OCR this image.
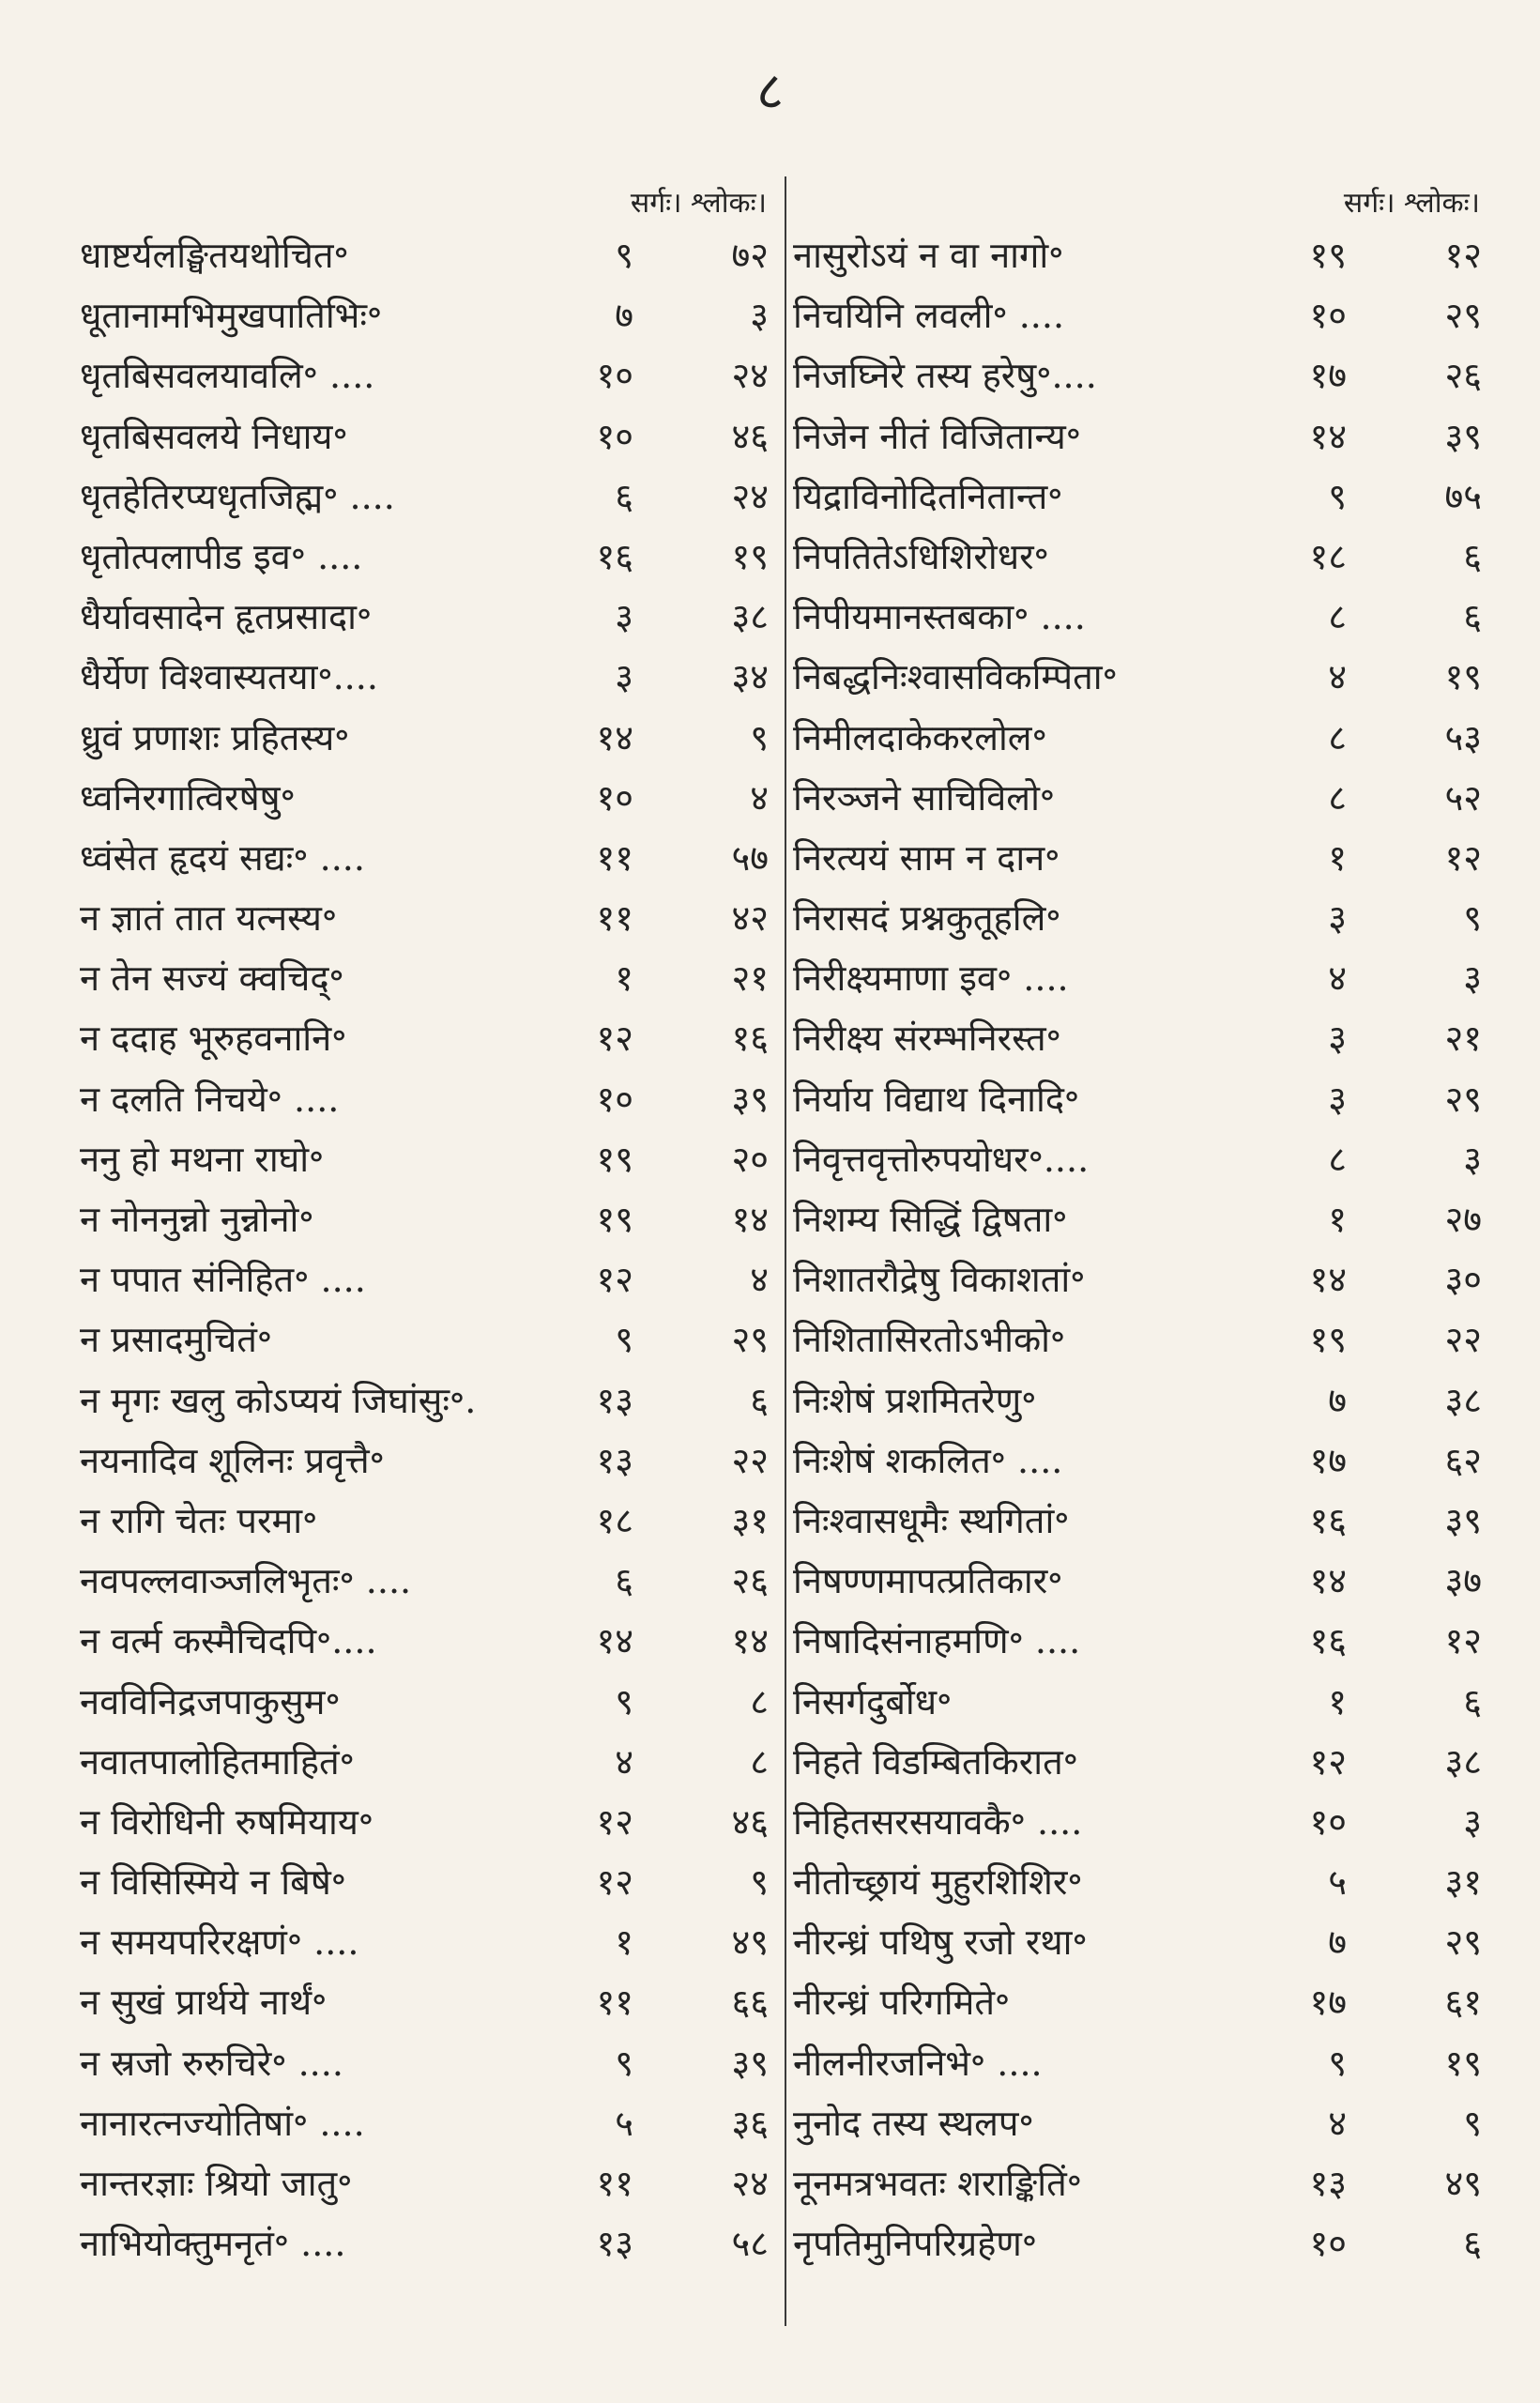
८
सर्गः। श्लोकः।
धाष्टर्यलङ्घितयथोचित॰	९	७२
धूतानामभिमुखपातिभिः॰	७	३
धृतबिसवलयावलि॰ ....	१०	२४
धृतबिसवलये निधाय॰	१०	४६
धृतहेतिरप्यधृतजिह्म॰ ....	६	२४
धृतोत्पलापीड इव॰ ....	१६	१९
धैर्यावसादेन हृतप्रसादा॰	३	३८
धैर्येण विश्वास्यतया॰....	३	३४
ध्रुवं प्रणाशः प्रहितस्य॰	१४	९
ध्वनिरगात्विरषेषु॰	१०	४
ध्वंसेत हृदयं सद्यः॰ ....	११	५७
न ज्ञातं तात यत्नस्य॰	११	४२
न तेन सज्यं क्वचिद्॰	१	२१
न ददाह भूरुहवनानि॰	१२	१६
न दलति निचये॰ ....	१०	३९
ननु हो मथना राघो॰	१९	२०
न नोननुन्नो नुन्नोनो॰	१९	१४
न पपात संनिहित॰ ....	१२	४
न प्रसादमुचितं॰	९	२९
न मृगः खलु कोऽप्ययं जिघांसुः॰.	१३	६
नयनादिव शूलिनः प्रवृत्तै॰	१३	२२
न रागि चेतः परमा॰	१८	३१
नवपल्लवाञ्जलिभृतः॰ ....	६	२६
न वर्त्म कस्मैचिदपि॰....	१४	१४
नवविनिद्रजपाकुसुम॰	९	८
नवातपालोहितमाहितं॰	४	८
न विरोधिनी रुषमियाय॰	१२	४६
न विसिस्मिये न बिषे॰	१२	९
न समयपरिरक्षणं॰ ....	१	४९
न सुखं प्रार्थये नार्थं॰	११	६६
न स्रजो रुरुचिरे॰ ....	९	३९
नानारत्नज्योतिषां॰ ....	५	३६
नान्तरज्ञाः श्रियो जातु॰	११	२४
नाभियोक्तुमनृतं॰ ....	१३	५८
सर्गः। श्लोकः।
नासुरोऽयं न वा नागो॰	१९	१२
निचयिनि लवली॰ ....	१०	२९
निजघ्निरे तस्य हरेषु॰....	१७	२६
निजेन नीतं विजितान्य॰	१४	३९
यिद्राविनोदितनितान्त॰	९	७५
निपतितेऽधिशिरोधर॰	१८	६
निपीयमानस्तबका॰ ....	८	६
निबद्धनिःश्वासविकम्पिता॰	४	१९
निमीलदाकेकरलोल॰	८	५३
निरञ्जने साचिविलो॰	८	५२
निरत्ययं साम न दान॰	१	१२
निरासदं प्रश्नकुतूहलि॰	३	९
निरीक्ष्यमाणा इव॰ ....	४	३
निरीक्ष्य संरम्भनिरस्त॰	३	२१
निर्याय विद्याथ दिनादि॰	३	२९
निवृत्तवृत्तोरुपयोधर॰....	८	३
निशम्य सिद्धिं द्विषता॰	१	२७
निशातरौद्रेषु विकाशतां॰	१४	३०
निशितासिरतोऽभीको॰	१९	२२
निःशेषं प्रशमितरेणु॰	७	३८
निःशेषं शकलित॰ ....	१७	६२
निःश्वासधूमैः स्थगितां॰	१६	३९
निषण्णमापत्प्रतिकार॰	१४	३७
निषादिसंनाहमणि॰ ....	१६	१२
निसर्गदुर्बोध॰	१	६
निहते विडम्बितकिरात॰	१२	३८
निहितसरसयावकै॰ ....	१०	३
नीतोच्छ्रायं मुहुरशिशिर॰	५	३१
नीरन्ध्रं पथिषु रजो रथा॰	७	२९
नीरन्ध्रं परिगमिते॰	१७	६१
नीलनीरजनिभे॰ ....	९	१९
नुनोद तस्य स्थलप॰	४	९
नूनमत्रभवतः शराङ्कितिं॰	१३	४९
नृपतिमुनिपरिग्रहेण॰	१०	६
